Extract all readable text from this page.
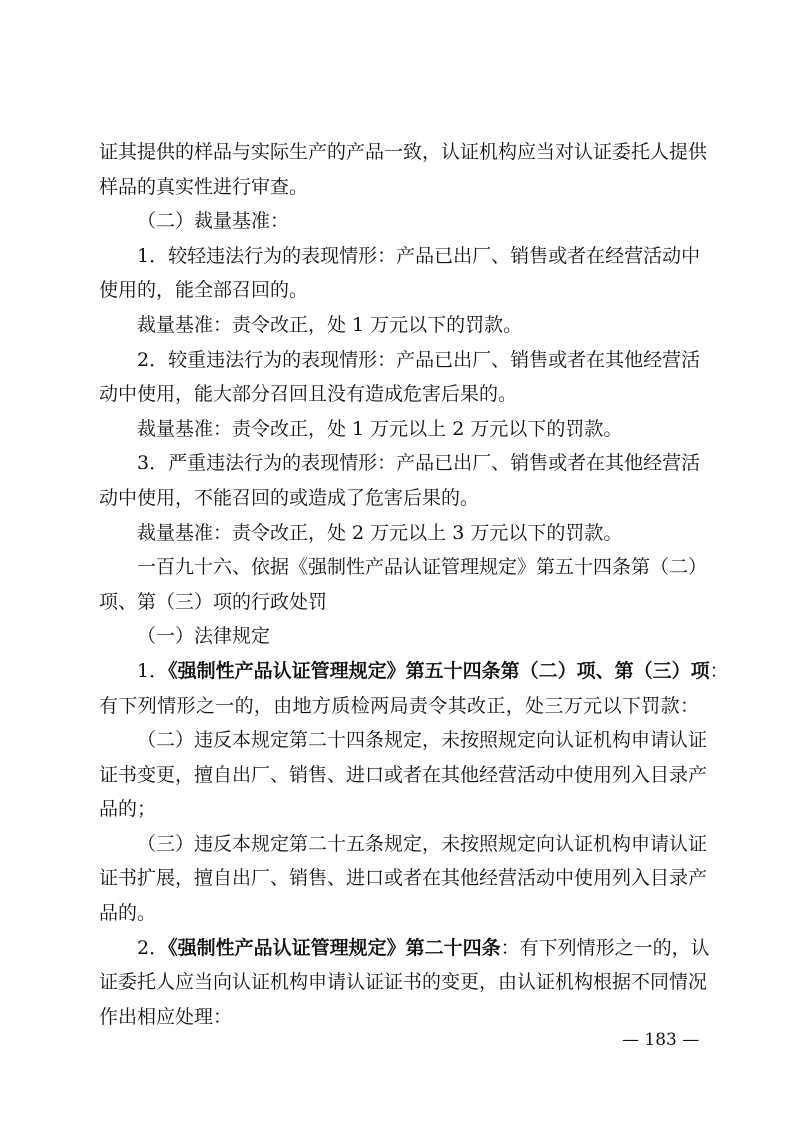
证其提供的样品与实际生产的产品一致，认证机构应当对认证委托人提供
样品的真实性进行审查。
（二）裁量基准：
1．较轻违法行为的表现情形：产品已出厂、销售或者在经营活动中
使用的，能全部召回的。
裁量基准：责令改正，处 1 万元以下的罚款。
2．较重违法行为的表现情形：产品已出厂、销售或者在其他经营活
动中使用，能大部分召回且没有造成危害后果的。
裁量基准：责令改正，处 1 万元以上 2 万元以下的罚款。
3．严重违法行为的表现情形：产品已出厂、销售或者在其他经营活
动中使用，不能召回的或造成了危害后果的。
裁量基准：责令改正，处 2 万元以上 3 万元以下的罚款。
一百九十六、依据《强制性产品认证管理规定》第五十四条第（二）
项、第（三）项的行政处罚
（一）法律规定
1．《强制性产品认证管理规定》第五十四条第（二）项、第（三）项：
有下列情形之一的，由地方质检两局责令其改正，处三万元以下罚款：
（二）违反本规定第二十四条规定，未按照规定向认证机构申请认证
证书变更，擅自出厂、销售、进口或者在其他经营活动中使用列入目录产
品的；
（三）违反本规定第二十五条规定，未按照规定向认证机构申请认证
证书扩展，擅自出厂、销售、进口或者在其他经营活动中使用列入目录产
品的。
2．《强制性产品认证管理规定》第二十四条：有下列情形之一的，认
证委托人应当向认证机构申请认证证书的变更，由认证机构根据不同情况
作出相应处理：
— 183 —
